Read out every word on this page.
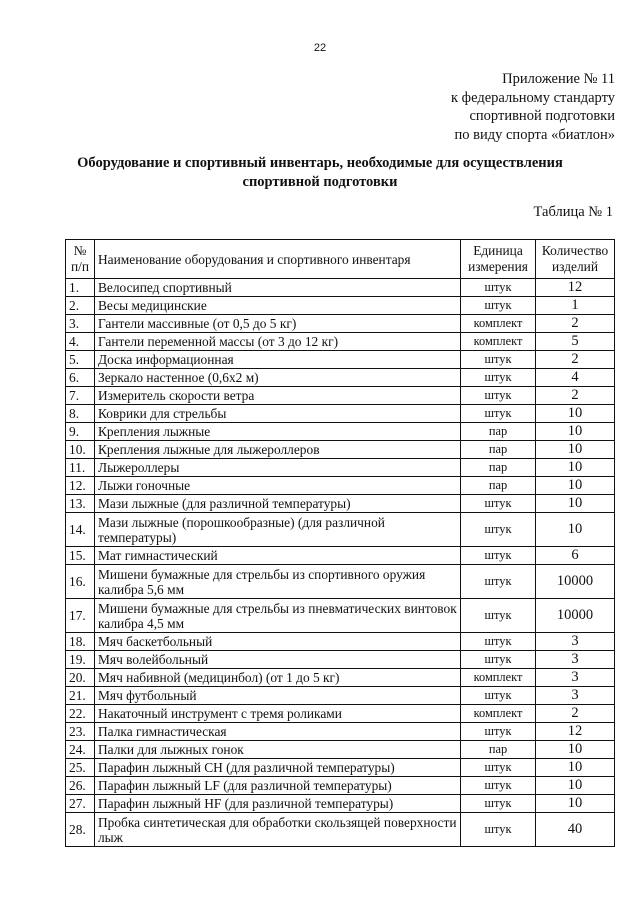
22
Приложение № 11
к федеральному стандарту
спортивной подготовки
по виду спорта «биатлон»
Оборудование и спортивный инвентарь, необходимые для осуществления
спортивной подготовки
Таблица № 1
№ п/п	Наименование оборудования и спортивного инвентаря	Единица измерения	Количество изделий
1.	Велосипед спортивный	штук	12
2.	Весы медицинские	штук	1
3.	Гантели массивные (от 0,5 до 5 кг)	комплект	2
4.	Гантели переменной массы (от 3 до 12 кг)	комплект	5
5.	Доска информационная	штук	2
6.	Зеркало настенное (0,6х2 м)	штук	4
7.	Измеритель скорости ветра	штук	2
8.	Коврики для стрельбы	штук	10
9.	Крепления лыжные	пар	10
10.	Крепления лыжные для лыжероллеров	пар	10
11.	Лыжероллеры	пар	10
12.	Лыжи гоночные	пар	10
13.	Мази лыжные (для различной температуры)	штук	10
14.	Мази лыжные (порошкообразные) (для различной температуры)	штук	10
15.	Мат гимнастический	штук	6
16.	Мишени бумажные для стрельбы из спортивного оружия калибра 5,6 мм	штук	10000
17.	Мишени бумажные для стрельбы из пневматических винтовок калибра 4,5 мм	штук	10000
18.	Мяч баскетбольный	штук	3
19.	Мяч волейбольный	штук	3
20.	Мяч набивной (медицинбол) (от 1 до 5 кг)	комплект	3
21.	Мяч футбольный	штук	3
22.	Накаточный инструмент с тремя роликами	комплект	2
23.	Палка гимнастическая	штук	12
24.	Палки для лыжных гонок	пар	10
25.	Парафин лыжный CH (для различной температуры)	штук	10
26.	Парафин лыжный LF (для различной температуры)	штук	10
27.	Парафин лыжный HF (для различной температуры)	штук	10
28.	Пробка синтетическая для обработки скользящей поверхности лыж	штук	40
